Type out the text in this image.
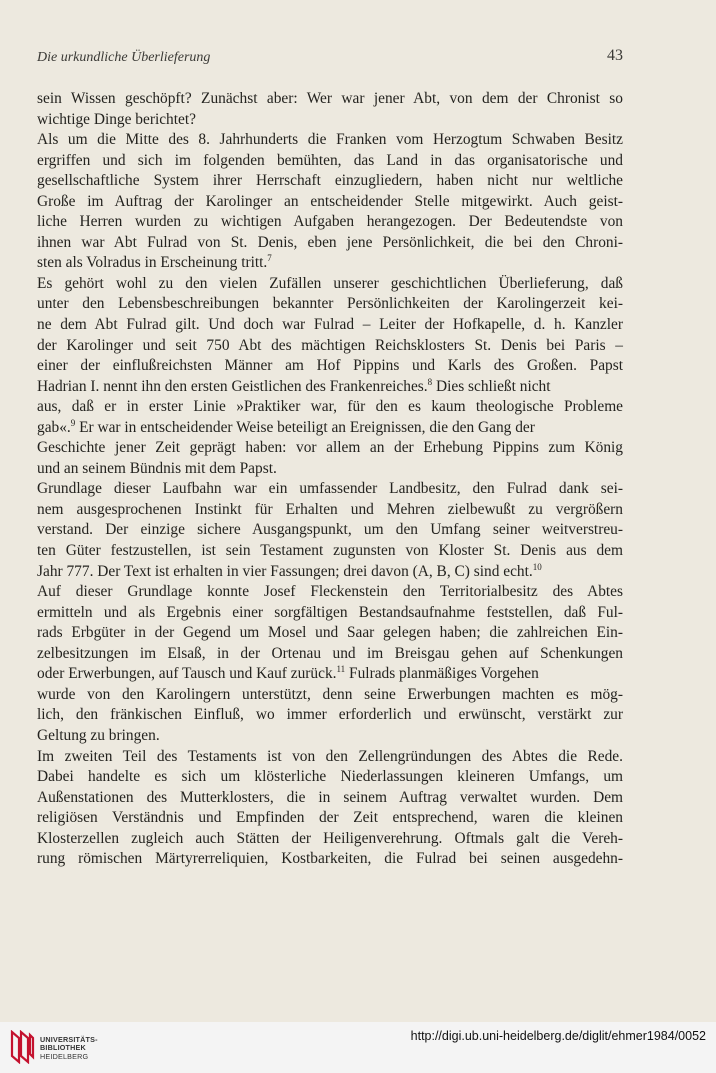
Die urkundliche Überlieferung	43
sein Wissen geschöpft? Zunächst aber: Wer war jener Abt, von dem der Chronist so
wichtige Dinge berichtet?
Als um die Mitte des 8. Jahrhunderts die Franken vom Herzogtum Schwaben Besitz
ergriffen und sich im folgenden bemühten, das Land in das organisatorische und
gesellschaftliche System ihrer Herrschaft einzugliedern, haben nicht nur weltliche
Große im Auftrag der Karolinger an entscheidender Stelle mitgewirkt. Auch geist-
liche Herren wurden zu wichtigen Aufgaben herangezogen. Der Bedeutendste von
ihnen war Abt Fulrad von St. Denis, eben jene Persönlichkeit, die bei den Chroni-
sten als Volradus in Erscheinung tritt.$^7$
Es gehört wohl zu den vielen Zufällen unserer geschichtlichen Überlieferung, daß
unter den Lebensbeschreibungen bekannter Persönlichkeiten der Karolingerzeit kei-
ne dem Abt Fulrad gilt. Und doch war Fulrad – Leiter der Hofkapelle, d. h. Kanzler
der Karolinger und seit 750 Abt des mächtigen Reichsklosters St. Denis bei Paris –
einer der einflußreichsten Männer am Hof Pippins und Karls des Großen. Papst
Hadrian I. nennt ihn den ersten Geistlichen des Frankenreiches.$^8$ Dies schließt nicht
aus, daß er in erster Linie »Praktiker war, für den es kaum theologische Probleme
gab«.$^9$ Er war in entscheidender Weise beteiligt an Ereignissen, die den Gang der
Geschichte jener Zeit geprägt haben: vor allem an der Erhebung Pippins zum König
und an seinem Bündnis mit dem Papst.
Grundlage dieser Laufbahn war ein umfassender Landbesitz, den Fulrad dank sei-
nem ausgesprochenen Instinkt für Erhalten und Mehren zielbewußt zu vergrößern
verstand. Der einzige sichere Ausgangspunkt, um den Umfang seiner weitverstreu-
ten Güter festzustellen, ist sein Testament zugunsten von Kloster St. Denis aus dem
Jahr 777. Der Text ist erhalten in vier Fassungen; drei davon (A, B, C) sind echt.$^{10}$
Auf dieser Grundlage konnte Josef Fleckenstein den Territorialbesitz des Abtes
ermitteln und als Ergebnis einer sorgfältigen Bestandsaufnahme feststellen, daß Ful-
rads Erbgüter in der Gegend um Mosel und Saar gelegen haben; die zahlreichen Ein-
zelbesitzungen im Elsaß, in der Ortenau und im Breisgau gehen auf Schenkungen
oder Erwerbungen, auf Tausch und Kauf zurück.$^{11}$ Fulrads planmäßiges Vorgehen
wurde von den Karolingern unterstützt, denn seine Erwerbungen machten es mög-
lich, den fränkischen Einfluß, wo immer erforderlich und erwünscht, verstärkt zur
Geltung zu bringen.
Im zweiten Teil des Testaments ist von den Zellengründungen des Abtes die Rede.
Dabei handelte es sich um klösterliche Niederlassungen kleineren Umfangs, um
Außenstationen des Mutterklosters, die in seinem Auftrag verwaltet wurden. Dem
religiösen Verständnis und Empfinden der Zeit entsprechend, waren die kleinen
Klosterzellen zugleich auch Stätten der Heiligenverehrung. Oftmals galt die Vereh-
rung römischen Märtyrerreliquien, Kostbarkeiten, die Fulrad bei seinen ausgedehn-
UNIVERSITÄTS-
BIBLIOTHEK
HEIDELBERG
http://digi.ub.uni-heidelberg.de/diglit/ehmer1984/0052
